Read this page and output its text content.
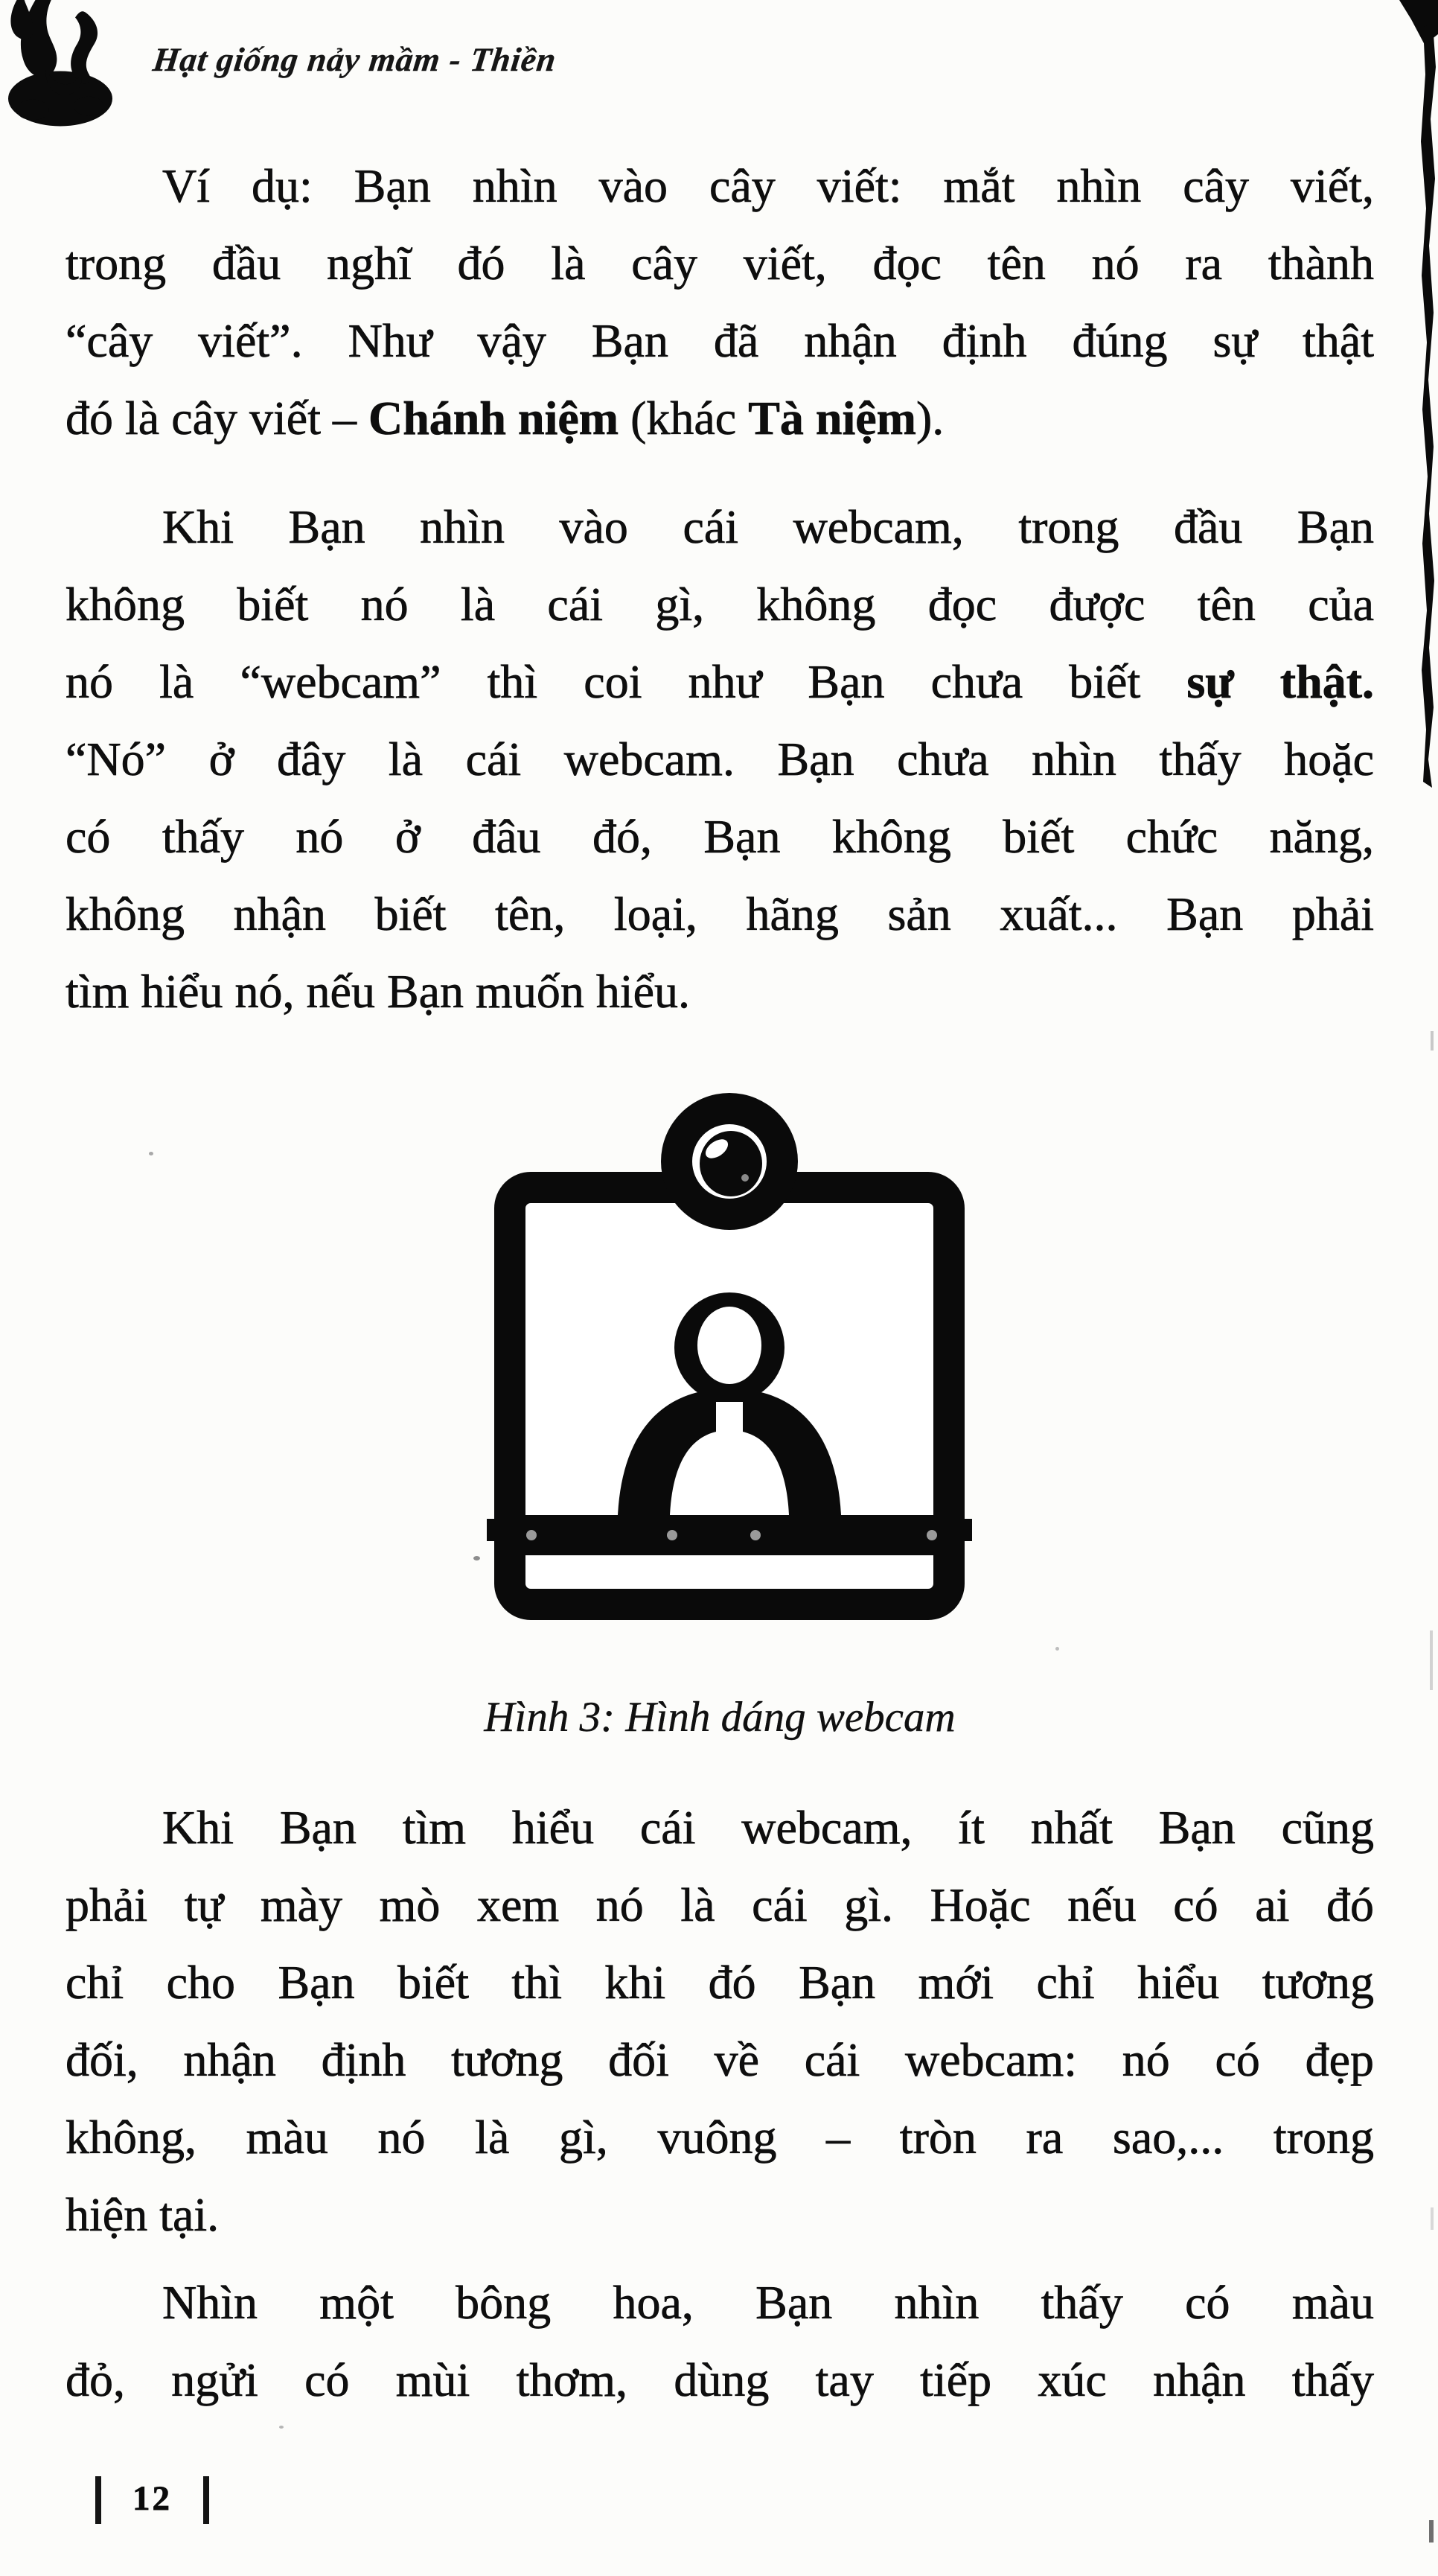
Hạt giống nảy mầm - Thiền
Ví dụ: Bạn nhìn vào cây viết: mắt nhìn cây viết,
trong đầu nghĩ đó là cây viết, đọc tên nó ra thành
“cây viết”. Như vậy Bạn đã nhận định đúng sự thật
đó là cây viết – Chánh niệm (khác Tà niệm).
Khi Bạn nhìn vào cái webcam, trong đầu Bạn
không biết nó là cái gì, không đọc được tên của
nó là “webcam” thì coi như Bạn chưa biết sự thật.
“Nó” ở đây là cái webcam. Bạn chưa nhìn thấy hoặc
có thấy nó ở đâu đó, Bạn không biết chức năng,
không nhận biết tên, loại, hãng sản xuất... Bạn phải
tìm hiểu nó, nếu Bạn muốn hiểu.
Hình 3: Hình dáng webcam
Khi Bạn tìm hiểu cái webcam, ít nhất Bạn cũng
phải tự mày mò xem nó là cái gì. Hoặc nếu có ai đó
chỉ cho Bạn biết thì khi đó Bạn mới chỉ hiểu tương
đối, nhận định tương đối về cái webcam: nó có đẹp
không, màu nó là gì, vuông – tròn ra sao,... trong
hiện tại.
Nhìn một bông hoa, Bạn nhìn thấy có màu
đỏ, ngửi có mùi thơm, dùng tay tiếp xúc nhận thấy
12
